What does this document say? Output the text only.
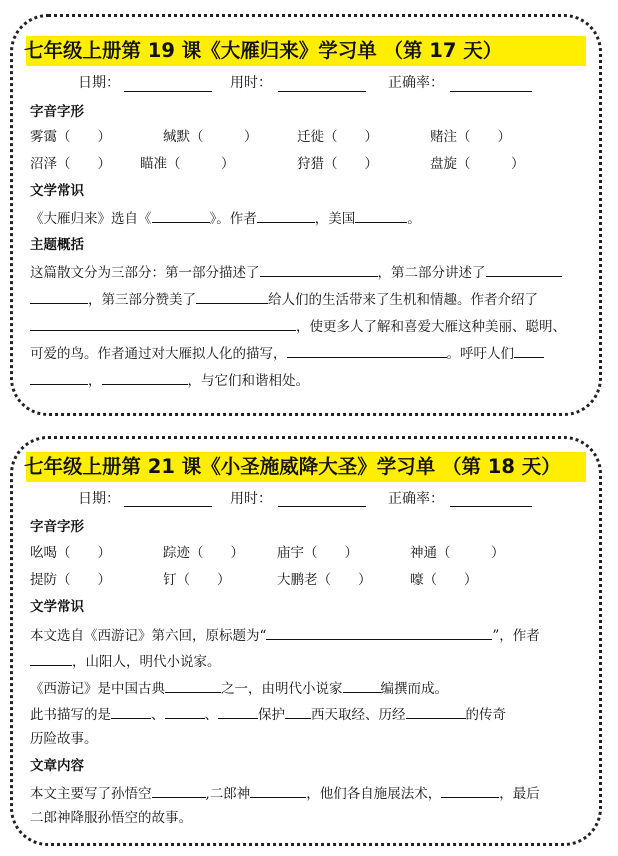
七年级上册第 19 课《大雁归来》学习单 （第 17 天）
日期：	用时：	正确率：
字音字形
雾霭（　　）	缄默（　　　）	迁徙（　　）	赌注（　　）
沼泽（　　） 瞄准（　　　）	狩猎（　　）	盘旋（　　　）
文学常识
《大雁归来》选自《	》。作者	，美国	。
主题概括
这篇散文分为三部分：第一部分描述了	，第二部分讲述了
，第三部分赞美了	给人们的生活带来了生机和情趣。作者介绍了
，使更多人了解和喜爱大雁这种美丽、聪明、
可爱的鸟。作者通过对大雁拟人化的描写，	。呼吁人们
，	，与它们和谐相处。
七年级上册第 21 课《小圣施威降大圣》学习单 （第 18 天）
日期：	用时：	正确率：
字音字形
吆喝（　　）	踪迹（　　） 庙宇（　　）	神通（　　　）
提防（　　）	钉（　　）	大鹏老（　　）	嚎（　　）
文学常识
本文选自《西游记》第六回，原标题为“	”，作者
，山阳人，明代小说家。
《西游记》是中国古典	之一，由明代小说家	编撰而成。
此书描写的是	、	、	保护 西天取经、历经	的传奇
历险故事。
文章内容
本文主要写了孙悟空	,二郎神	，他们各自施展法术，	，最后
二郎神降服孙悟空的故事。
